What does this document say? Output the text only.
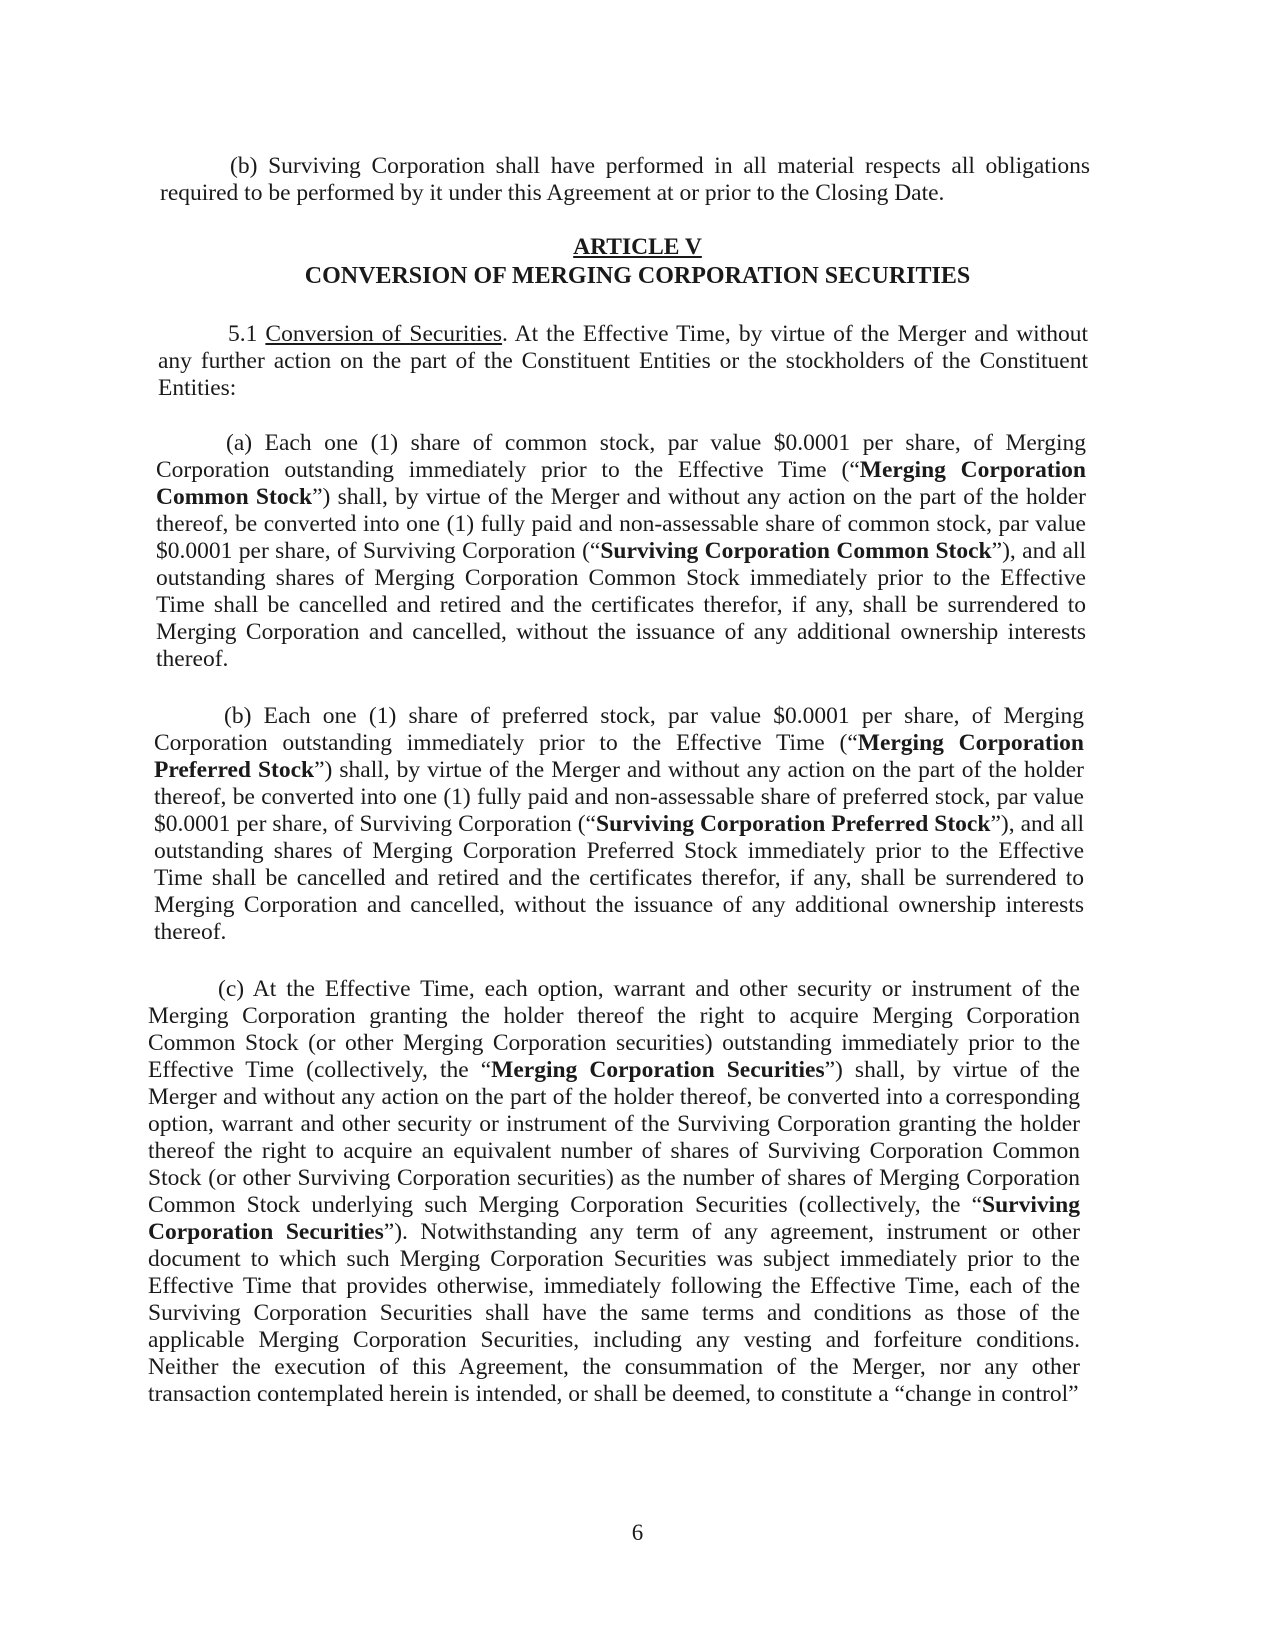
(b) Surviving Corporation shall have performed in all material respects all obligations required to be performed by it under this Agreement at or prior to the Closing Date.

ARTICLE V
CONVERSION OF MERGING CORPORATION SECURITIES

5.1 Conversion of Securities. At the Effective Time, by virtue of the Merger and without any further action on the part of the Constituent Entities or the stockholders of the Constituent Entities:

(a) Each one (1) share of common stock, par value $0.0001 per share, of Merging Corporation outstanding immediately prior to the Effective Time (“Merging Corporation Common Stock”) shall, by virtue of the Merger and without any action on the part of the holder thereof, be converted into one (1) fully paid and non-assessable share of common stock, par value $0.0001 per share, of Surviving Corporation (“Surviving Corporation Common Stock”), and all outstanding shares of Merging Corporation Common Stock immediately prior to the Effective Time shall be cancelled and retired and the certificates therefor, if any, shall be surrendered to Merging Corporation and cancelled, without the issuance of any additional ownership interests thereof.

(b) Each one (1) share of preferred stock, par value $0.0001 per share, of Merging Corporation outstanding immediately prior to the Effective Time (“Merging Corporation Preferred Stock”) shall, by virtue of the Merger and without any action on the part of the holder thereof, be converted into one (1) fully paid and non-assessable share of preferred stock, par value $0.0001 per share, of Surviving Corporation (“Surviving Corporation Preferred Stock”), and all outstanding shares of Merging Corporation Preferred Stock immediately prior to the Effective Time shall be cancelled and retired and the certificates therefor, if any, shall be surrendered to Merging Corporation and cancelled, without the issuance of any additional ownership interests thereof.

(c) At the Effective Time, each option, warrant and other security or instrument of the Merging Corporation granting the holder thereof the right to acquire Merging Corporation Common Stock (or other Merging Corporation securities) outstanding immediately prior to the Effective Time (collectively, the “Merging Corporation Securities”) shall, by virtue of the Merger and without any action on the part of the holder thereof, be converted into a corresponding option, warrant and other security or instrument of the Surviving Corporation granting the holder thereof the right to acquire an equivalent number of shares of Surviving Corporation Common Stock (or other Surviving Corporation securities) as the number of shares of Merging Corporation Common Stock underlying such Merging Corporation Securities (collectively, the “Surviving Corporation Securities”). Notwithstanding any term of any agreement, instrument or other document to which such Merging Corporation Securities was subject immediately prior to the Effective Time that provides otherwise, immediately following the Effective Time, each of the Surviving Corporation Securities shall have the same terms and conditions as those of the applicable Merging Corporation Securities, including any vesting and forfeiture conditions. Neither the execution of this Agreement, the consummation of the Merger, nor any other transaction contemplated herein is intended, or shall be deemed, to constitute a “change in control”

6
